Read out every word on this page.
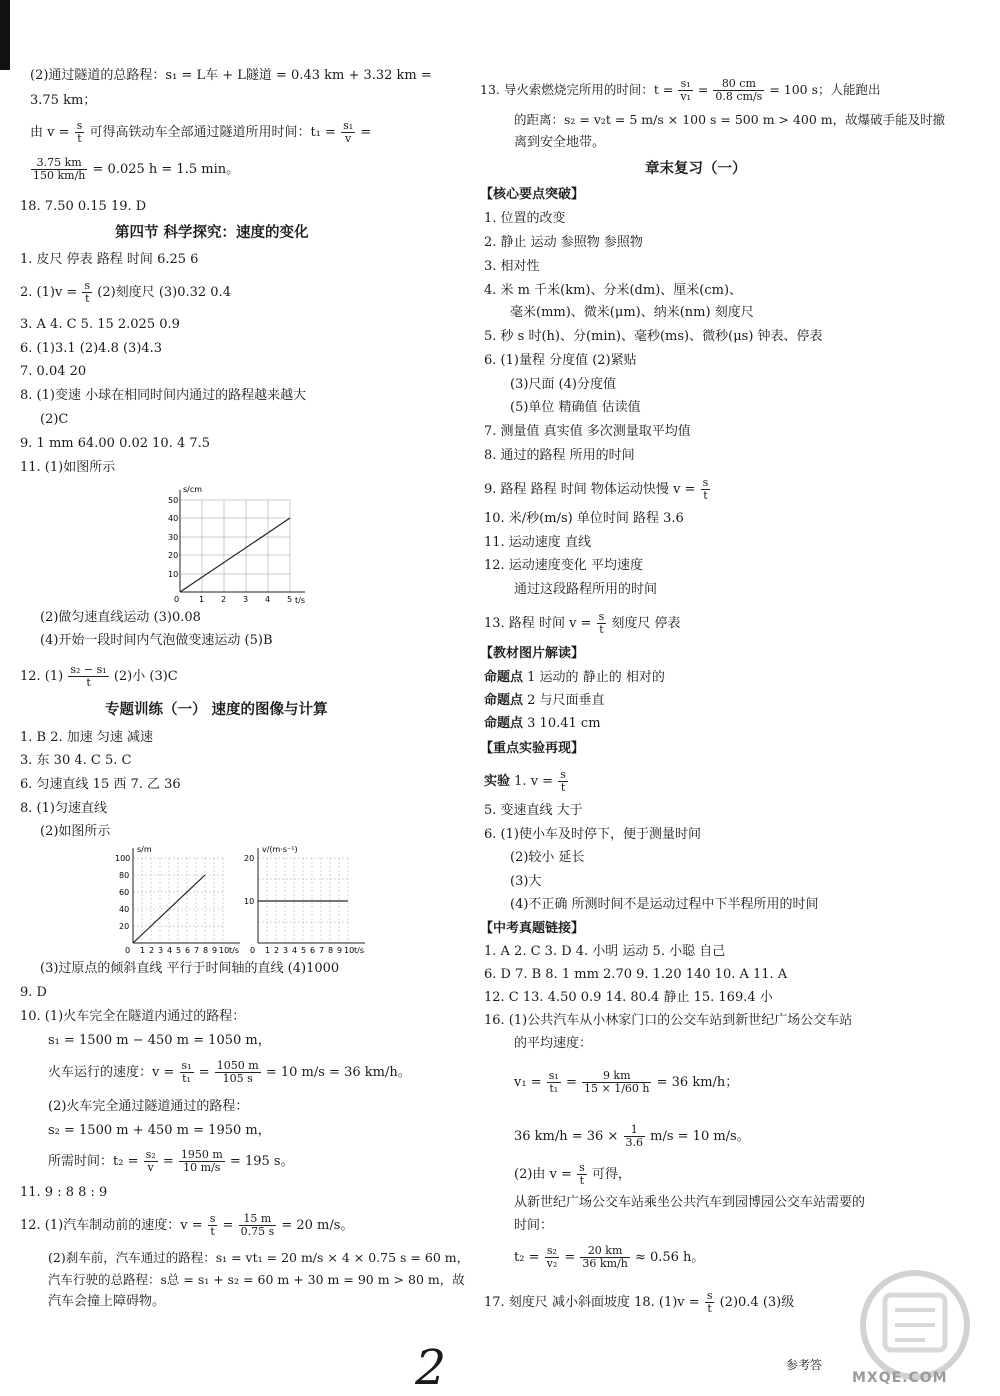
(2)通过隧道的总路程：s₁ = L车 + L隧道 = 0.43 km + 3.32 km =
3.75 km；
由 $v = \frac{s}{t}$ 可得高铁动车全部通过隧道所用时间：$t_1 = \frac{\text{s₁}}{v}$ =
$\frac{3.75 km}{150 km/h} = 0.025$ h = 1.5 min。
18. 7.50 0.15 19. D
第四节 科学探究：速度的变化
1. 皮尺 停表 路程 时间 6.25 6
2. $(1)v = \frac{s}{t} (2)$刻度尺 (3)0.32 0.4
3. A 4. C 5. 15 2.025 0.9
6. (1)3.1 (2)4.8 (3)4.3
7. 0.04 20
8. (1)变速 小球在相同时间内通过的路程越来越大
(2)C
9. 1 mm 64.00 0.02 10. 4 7.5
11. (1)如图所示
s/cm
t/s
10
20
30
40
50
0 1 2 3 4 5
(2)做匀速直线运动 (3)0.08
(4)开始一段时间内气泡做变速运动 (5)B
12. $(1) \frac{\text{s₂ − s₁}}{t} (2)$小 (3)C
专题训练（一） 速度的图像与计算
1. B 2. 加速 匀速 减速
3. 东 30 4. C 5. C
6. 匀速直线 15 西 7. 乙 36
8. (1)匀速直线
(2)如图所示
s/m
t/s
20
40
60
80
100
0 1 2 3 4 5 6 7 8 9 10
v/(m·s⁻¹)
t/s
10
20
0 1 2 3 4 5 6 7 8 9 10
(3)过原点的倾斜直线 平行于时间轴的直线 (4)1000
9. D
10. (1)火车完全在隧道内通过的路程：
s₁ = 1500 m − 450 m = 1050 m，
火车运行的速度：$v = \frac{\text{s₁}}{\text{t₁}} = \frac{1050 m}{105 s} = 10$ m/s = 36 km/h。
(2)火车完全通过隧道通过的路程：
s₂ = 1500 m + 450 m = 1950 m，
所需时间：$t_2 = \frac{\text{s₂}}{v} = \frac{1950 m}{10 m/s} = 195$ s。
11. 9 : 8 8 : 9
12. (1)汽车制动前的速度：$v = \frac{s}{t} = \frac{15 m}{0.75 s} = 20$ m/s。
(2)刹车前，汽车通过的路程：s₁ = vt₁ = 20 m/s × 4 × 0.75 s = 60 m，
汽车行驶的总路程：s总 = s₁ + s₂ = 60 m + 30 m = 90 m > 80 m，故
汽车会撞上障碍物。
13. 导火索燃烧完所用的时间：$t = \frac{\text{s₁}}{\text{v₁}} = \frac{80 cm}{0.8 cm/s} = 100$ s；人能跑出
的距离：s₂ = v₂t = 5 m/s × 100 s = 500 m > 400 m，故爆破手能及时撤
离到安全地带。
章末复习（一）
【核心要点突破】
1. 位置的改变
2. 静止 运动 参照物 参照物
3. 相对性
4. 米 m 千米(km)、分米(dm)、厘米(cm)、
毫米(mm)、微米(μm)、纳米(nm) 刻度尺
5. 秒 s 时(h)、分(min)、毫秒(ms)、微秒(μs) 钟表、停表
6. (1)量程 分度值 (2)紧贴
(3)尺面 (4)分度值
(5)单位 精确值 估读值
7. 测量值 真实值 多次测量取平均值
8. 通过的路程 所用的时间
9. 路程 路程 时间 物体运动快慢 $v = \frac{s}{t}$
10. 米/秒(m/s) 单位时间 路程 3.6
11. 运动速度 直线
12. 运动速度变化 平均速度
通过这段路程所用的时间
13. 路程 时间 $v = \frac{s}{t}$ 刻度尺 停表
【教材图片解读】
命题点 1 运动的 静止的 相对的
命题点 2 与尺面垂直
命题点 3 10.41 cm
【重点实验再现】
实验 1. $v = \frac{s}{t}$
5. 变速直线 大于
6. (1)使小车及时停下，便于测量时间
(2)较小 延长
(3)大
(4)不正确 所测时间不是运动过程中下半程所用的时间
【中考真题链接】
1. A 2. C 3. D 4. 小明 运动 5. 小聪 自己
6. D 7. B 8. 1 mm 2.70 9. 1.20 140 10. A 11. A
12. C 13. 4.50 0.9 14. 80.4 静止 15. 169.4 小
16. (1)公共汽车从小林家门口的公交车站到新世纪广场公交车站
的平均速度：
$v_1 = \frac{\text{s₁}}{\text{t₁}} = \frac{9 km}{15 \times 1/60 h} = 36$ km/h；
36 $km/h = 36 \times \frac{1}{3.6} m/s = 10$ m/s。
(2)由 $v = \frac{s}{t}$ 可得，
从新世纪广场公交车站乘坐公共汽车到园博园公交车站需要的
时间：
$t_2 = \frac{\text{s₂}}{\text{v₂}} = \frac{20 km}{36 km/h} \approx 0.56$ h。
17. 刻度尺 减小斜面坡度 18. $(1)v = \frac{s}{t} (2)0.4$ (3)级
参考答
2	MXQE.COM
